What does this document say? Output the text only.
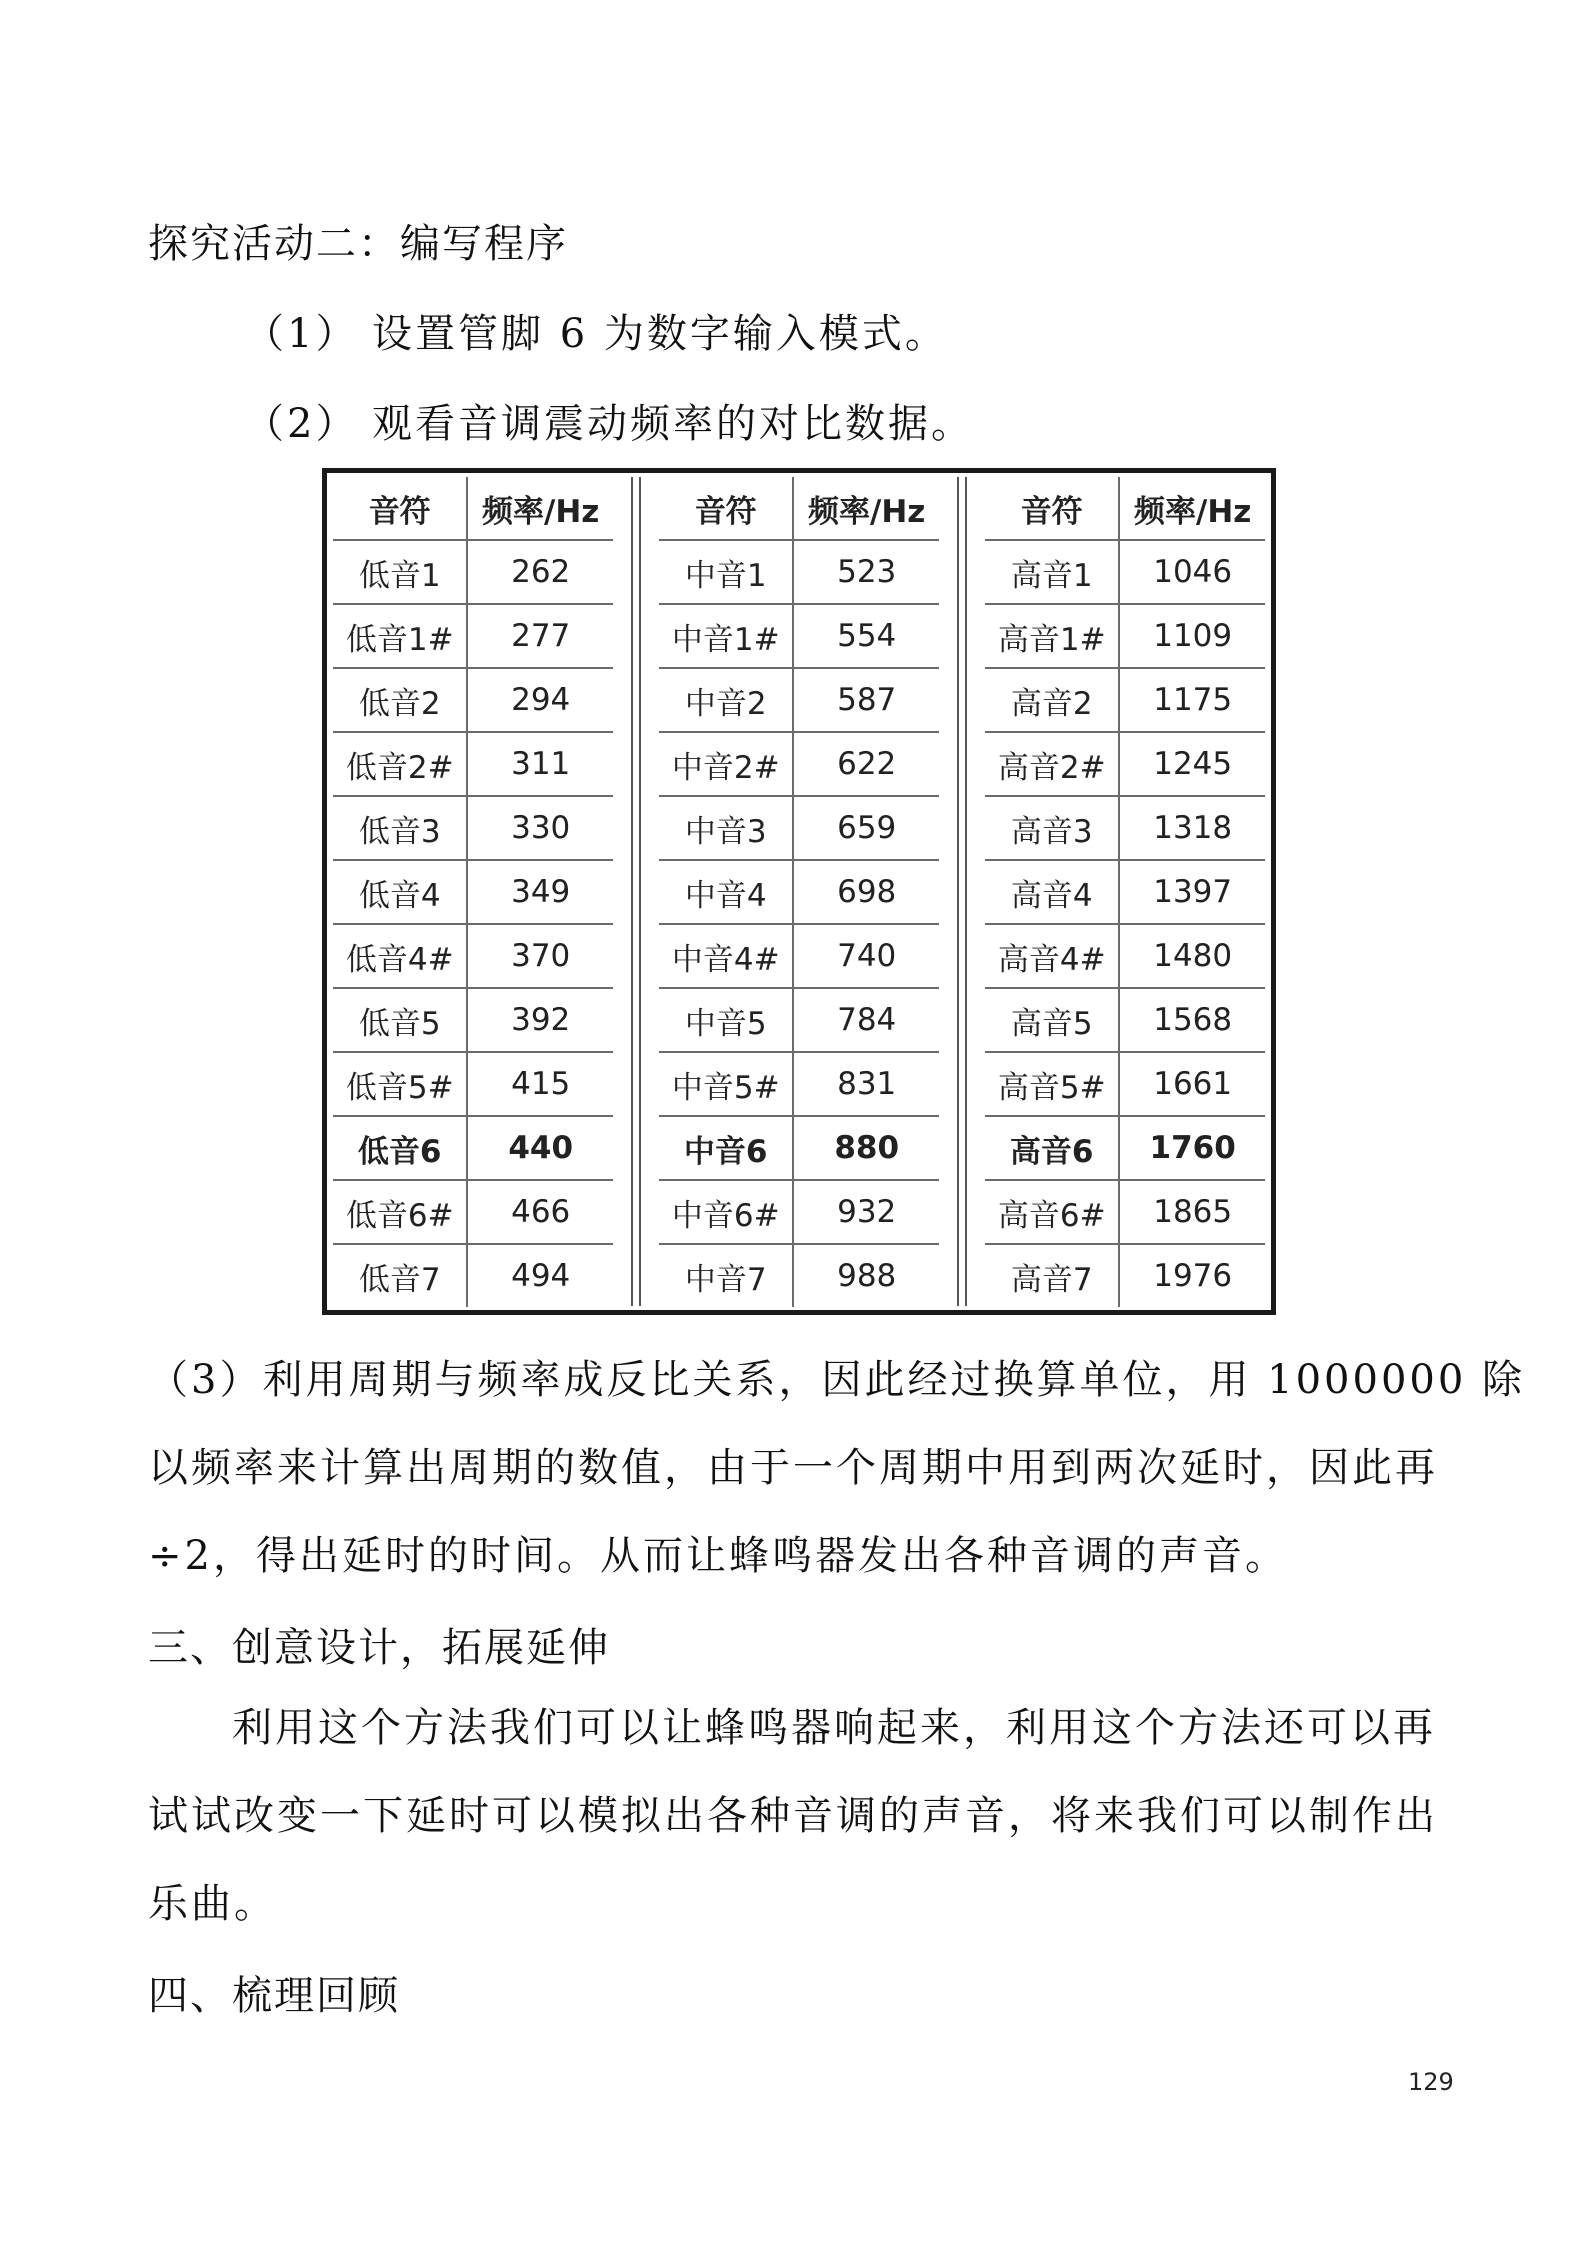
探究活动二：编写程序
（1） 设置管脚 6 为数字输入模式。
（2） 观看音调震动频率的对比数据。
音符	频率/Hz
低音1	262
低音1#	277
低音2	294
低音2#	311
低音3	330
低音4	349
低音4#	370
低音5	392
低音5#	415
低音6	440
低音6#	466
低音7	494
音符	频率/Hz
中音1	523
中音1#	554
中音2	587
中音2#	622
中音3	659
中音4	698
中音4#	740
中音5	784
中音5#	831
中音6	880
中音6#	932
中音7	988
音符	频率/Hz
高音1	1046
高音1#	1109
高音2	1175
高音2#	1245
高音3	1318
高音4	1397
高音4#	1480
高音5	1568
高音5#	1661
高音6	1760
高音6#	1865
高音7	1976
（3）利用周期与频率成反比关系，因此经过换算单位，用 1000000 除
以频率来计算出周期的数值，由于一个周期中用到两次延时，因此再
÷2，得出延时的时间。从而让蜂鸣器发出各种音调的声音。
三、创意设计，拓展延伸
利用这个方法我们可以让蜂鸣器响起来，利用这个方法还可以再
试试改变一下延时可以模拟出各种音调的声音，将来我们可以制作出
乐曲。
四、梳理回顾
129
